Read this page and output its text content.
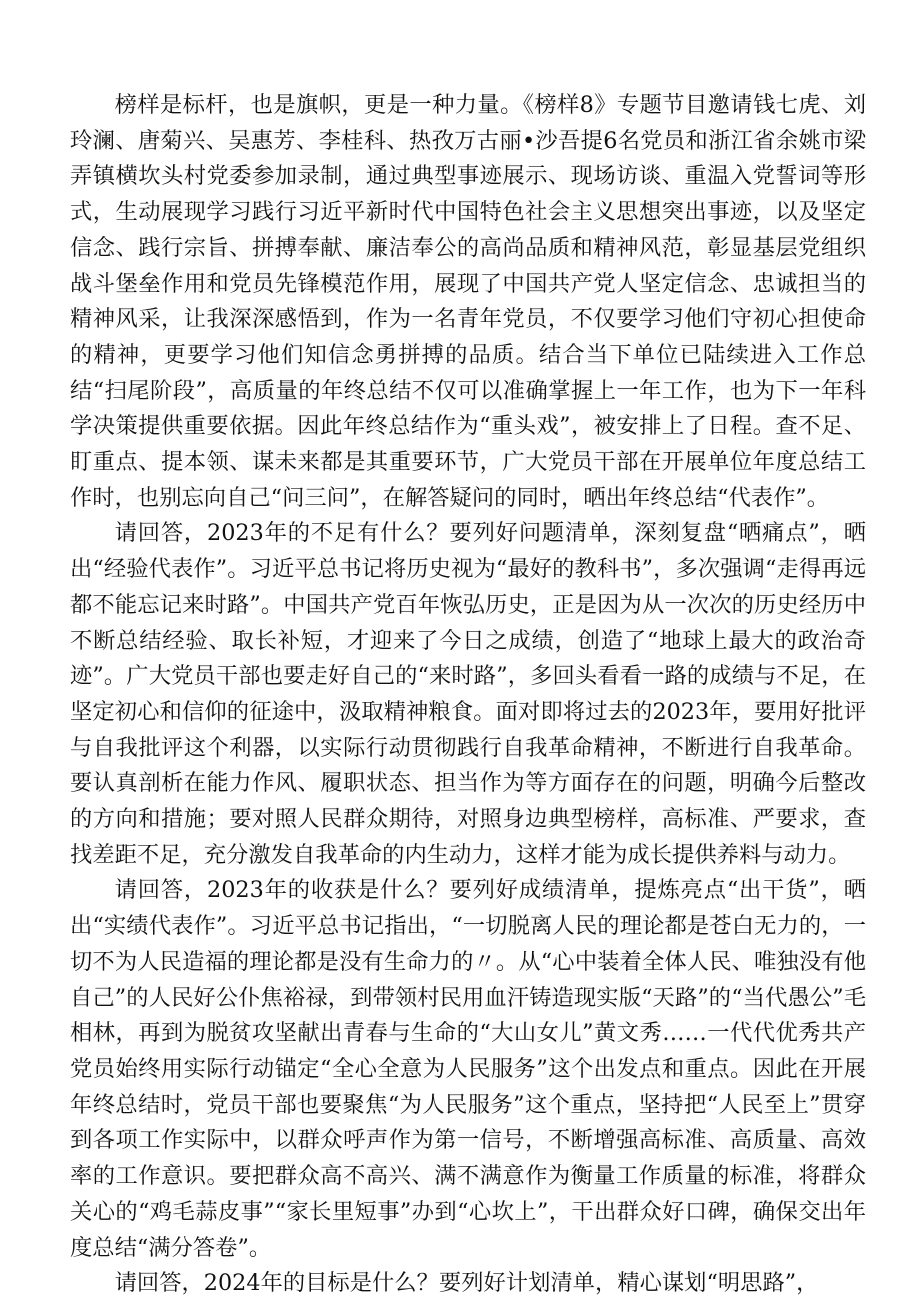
榜样是标杆，也是旗帜，更是一种力量。《榜样8》专题节目邀请钱七虎、刘玲澜、唐菊兴、吴惠芳、李桂科、热孜万古丽•沙吾提6名党员和浙江省余姚市梁弄镇横坎头村党委参加录制，通过典型事迹展示、现场访谈、重温入党誓词等形式，生动展现学习践行习近平新时代中国特色社会主义思想突出事迹，以及坚定信念、践行宗旨、拼搏奉献、廉洁奉公的高尚品质和精神风范，彰显基层党组织战斗堡垒作用和党员先锋模范作用，展现了中国共产党人坚定信念、忠诚担当的精神风采，让我深深感悟到，作为一名青年党员，不仅要学习他们守初心担使命的精神，更要学习他们知信念勇拼搏的品质。结合当下单位已陆续进入工作总结“扫尾阶段”，高质量的年终总结不仅可以准确掌握上一年工作，也为下一年科学决策提供重要依据。因此年终总结作为“重头戏”，被安排上了日程。查不足、盯重点、提本领、谋未来都是其重要环节，广大党员干部在开展单位年度总结工作时，也别忘向自己“问三问”，在解答疑问的同时，晒出年终总结“代表作”。

请回答，2023年的不足有什么？要列好问题清单，深刻复盘“晒痛点”，晒出“经验代表作”。习近平总书记将历史视为“最好的教科书”，多次强调“走得再远都不能忘记来时路”。中国共产党百年恢弘历史，正是因为从一次次的历史经历中不断总结经验、取长补短，才迎来了今日之成绩，创造了“地球上最大的政治奇迹”。广大党员干部也要走好自己的“来时路”，多回头看看一路的成绩与不足，在坚定初心和信仰的征途中，汲取精神粮食。面对即将过去的2023年，要用好批评与自我批评这个利器，以实际行动贯彻践行自我革命精神，不断进行自我革命。要认真剖析在能力作风、履职状态、担当作为等方面存在的问题，明确今后整改的方向和措施；要对照人民群众期待，对照身边典型榜样，高标准、严要求，查找差距不足，充分激发自我革命的内生动力，这样才能为成长提供养料与动力。

请回答，2023年的收获是什么？要列好成绩清单，提炼亮点“出干货”，晒出“实绩代表作”。习近平总书记指出，“一切脱离人民的理论都是苍白无力的，一切不为人民造福的理论都是没有生命力的〃。从“心中装着全体人民、唯独没有他自己”的人民好公仆焦裕禄，到带领村民用血汗铸造现实版“天路”的“当代愚公”毛相林，再到为脱贫攻坚献出青春与生命的“大山女儿”黄文秀……一代代优秀共产党员始终用实际行动锚定“全心全意为人民服务”这个出发点和重点。因此在开展年终总结时，党员干部也要聚焦“为人民服务”这个重点，坚持把“人民至上”贯穿到各项工作实际中，以群众呼声作为第一信号，不断增强高标准、高质量、高效率的工作意识。要把群众高不高兴、满不满意作为衡量工作质量的标准，将群众关心的“鸡毛蒜皮事”“家长里短事”办到“心坎上”，干出群众好口碑，确保交出年度总结“满分答卷”。

请回答，2024年的目标是什么？要列好计划清单，精心谋划“明思路”，
